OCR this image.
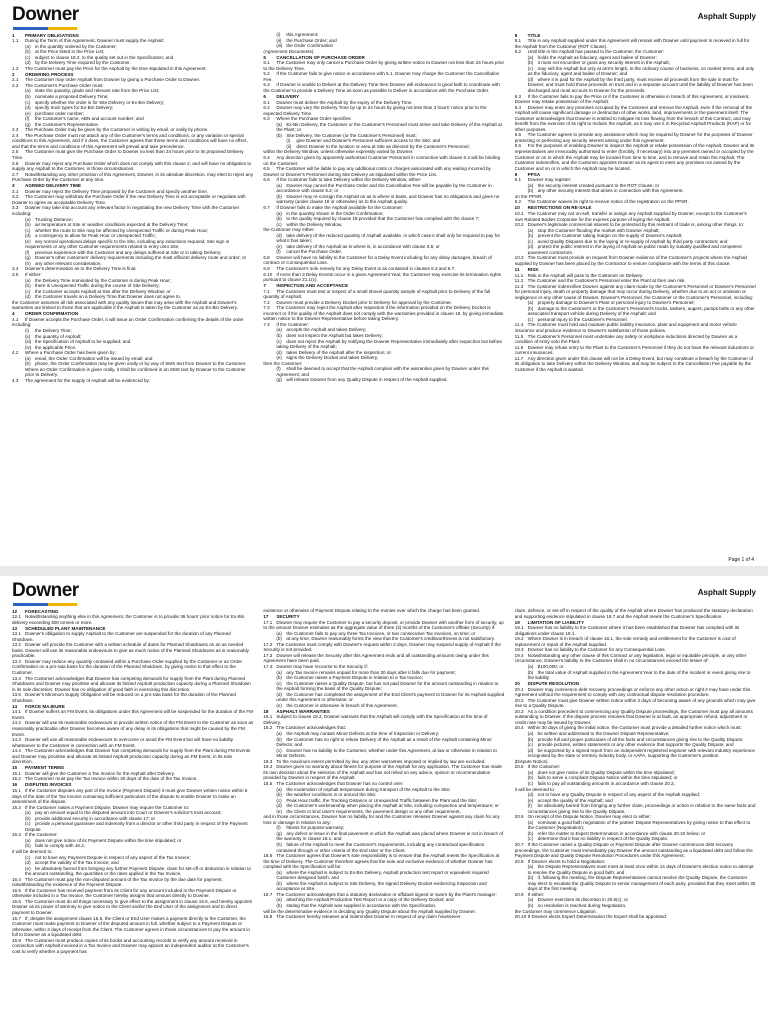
Downer	Asphalt Supply
1 PRIMARY OBLIGATIONS
1.1 During the Term of this Agreement, Downer must supply the Asphalt:
(a) in the quantity ordered by the Customer;
(b) at the Price listed in the Price List;
(c) subject to clause 18.2, to the quality set out in the Specification; and
(d) by the Delivery Time required by the Customer.
1.2 The Customer must pay the Price for the Asphalt by the time stipulated in this Agreement.
2 ORDERING PROCESS
2.1 The Customer may order Asphalt from Downer by giving a Purchase Order to Downer.
2.2 The Customer's Purchase Order must:
(a) state the quantity, grade and relevant rate from the Price List;
(b) nominate a proposed Delivery Time;
(c) specify whether the order is for Site Delivery or Ex-Bin Delivery;
(d) specify truck types for Ex-Bin Delivery;
(e) purchase order number;
(f) the Customer's name, ABN and account number; and
(g) the Customer's Representative.
2.3 The Purchase Order may be given by the Customer in writing by email, or orally by phone.
2.4 The Purchase Order must not attach any of the Customer's terms and conditions, or any variation or special conditions to this Agreement, and if it does, the Customer agrees that those terms and conditions will have no effect, and that the terms and conditions of this Agreement will prevail and take precedence.
2.5 The Customer must give the Purchase Order to Downer no less than 24 hours prior to its proposed Delivery Time.
2.6 Downer may reject any Purchase Order which does not comply with this clause 2, and will have no obligation to supply any Asphalt to the Customer, in those circumstances.
2.7 Notwithstanding any other provision of this Agreement, Downer, in its absolute discretion, may elect to reject any Purchase Order by the Customer at any time.
3 AGREED DELIVERY TIME
3.1 Downer may reject the Delivery Time proposed by the Customer and specify another time.
3.2 The Customer may withdraw the Purchase Order if the new Delivery Time is not acceptable or negotiate with Downer to agree an acceptable Delivery Time.
3.3 Downer may take into account any relevant factor in negotiating the new Delivery Time with the Customer including:
(a) Trucking Distance;
(b) air temperature at Site or weather conditions expected at the Delivery Time;
(c) whether the route to Site may be affected by Unexpected Traffic or during Peak Hour;
(d) a contingency to allow for Peak Hour or Unexpected Traffic;
(e) any normal operational delays specific to the Site, including any inductions required, Site sign in requirements or any other Customer requirements related to entry onto Site;
(f) previous experience with the Customer and any delays suffered at Site or in taking Delivery;
(g) Downer's other customers' delivery requirements including the most efficient delivery route and order; or
(h) any other relevant consideration.
3.4 Downer's determination as to the Delivery Time is final.
3.5 If either:
(a) the Delivery Time nominated by the Customer is during Peak Hour;
(b) there is Unexpected Traffic during the course of Site Delivery;
(c) the Customer accepts Asphalt at Site after the Delivery Window; or
(d) the Customer travels on a Delivery Time that Downer does not agree to,
the Customer assumes all risk associated with any quality issues that may arise with the Asphalt and Downer's warranties are limited to those that are applicable if the Asphalt is taken by the Customer as an Ex-Bin Delivery.
4 ORDER CONFIRMATION
4.1 If Downer accepts the Purchase Order, it will issue an Order Confirmation confirming the details of the order including:
(i) the Delivery Time;
(ii) the quantity of Asphalt;
(iii) the Specification of Asphalt to be supplied; and
(iv) the applicable Price.
4.2 Where a Purchase Order has been given by:
(a) email, the Order Confirmation will be issued by email; and
(b) phone, the Order Confirmation may be given orally or by way of SMS text from Downer to the Customer. Where an Order Confirmation is given orally, it shall be confirmed in an SMS text by Downer to the Customer prior to Delivery.
4.3 The agreement for the supply of Asphalt will be evidenced by:
(i) this Agreement;
(ii) the Purchase Order; and
(iii) the Order Confirmation
(Agreement Documents).
5 CANCELLATION OF PURCHASE ORDER
5.1 The Customer may only cancel a Purchase Order by giving written notice to Downer not less than 24 hours prior to the Delivery Time.
5.2 If the Customer fails to give notice in accordance with 5.1, Downer may charge the Customer the Cancellation Fee.
5.3 If Downer is unable to Deliver at the Delivery Time then Downer will endeavour in good faith to coordinate with the Customer to provide a Delivery Time as soon as possible to Deliver in accordance with the Purchase Order.
6 DELIVERY
6.1 Downer must deliver the Asphalt by the expiry of the Delivery Time.
6.2 Downer may vary the Delivery Time by up to 24 hours by giving not less than 3 hours' notice prior to the expected Delivery Time.
6.3 Where the Purchase Order specifies:
(a) Ex-Bin Delivery, the Customer or the Customer's Personnel must arrive and take Delivery of the Asphalt at the Plant; or
(b) Site Delivery, the Customer (or the Customer's Personnel) must:
(i) give Downer and Downer's Personnel sufficient access to the Site; and
(ii) direct Downer to the location or area at Site as directed by the Customer's Personnel;
within the Delivery Window, unless otherwise expressly varied by Downer.
6.4 Any direction given by apparently authorised Customer Personnel in connection with clause 6.3 will be binding on the Customer.
6.5 The Customer will be liable to pay any additional costs or charges associated with any waiting incurred by Downer or Downer's Personnel during Site Delivery as stipulated within the Price List.
6.6 If the Customer fails to take Delivery within the Delivery Window, either:
(a) Downer may cancel the Purchase Order and the Cancellation Fee will be payable by the Customer in accordance with clause 5.2; or
(b) Downer may re-consign the Asphalt on as is where is basis, and Downer has no obligations and gives no warranty (under clause 18 or otherwise) as to the Asphalt quality.
6.7 If Downer fails to make the Asphalt available for the Customer:
(a) in the quantity shown in the Order Confirmation;
(b) to the quality required by clause 18 provided that the Customer has complied with the clause 7;
(c) within the Delivery Window,
the Customer may either:
(d) take delivery of the reduced quantity of Asphalt available, in which case it shall only be required to pay for what it has taken;
(e) take delivery of the Asphalt as is where is, in accordance with clause 3.5; or
(f) cancel the Purchase Order.
6.8 Downer will have no liability to the Customer for a Delay Event including for any delay damages, breach of contract or Consequential Loss.
6.9 The Customer's sole remedy for any Delay Event is as contained in clauses 6.3 and 6.7.
6.10 If more than 3 Delay Events occur in a given Agreement Year, the Customer may exercise its termination rights pursuant to clause 21.1(c).
7 INSPECTION AND ACCEPTANCE
7.1 The Customer must test or inspect of a small shovel quantity sample of Asphalt prior to Delivery of the full quantity of Asphalt.
7.2 Downer must provide a Delivery Docket prior to Delivery for approval by the Customer.
7.3 The Customer may reject the Asphalt after inspection if the information provided on the Delivery Docket is incorrect or if the quality of the Asphalt does not comply with the warranties provided in clause 18, by giving immediate written notice to the Downer Representative before taking Delivery.
7.4 If the Customer:
(a) accepts the Asphalt and takes Delivery;
(b) does not inspect the Asphalt but takes Delivery;
(c) does not reject the Asphalt by notifying the Downer Representative immediately after inspection but before taking Delivery of the Asphalt;
(d) takes Delivery of the Asphalt after the inspection; or
(e) signs the Delivery Docket and takes Delivery,
then the Customer:
(f) shall be deemed to accept that the Asphalt complies with the warranties given by Downer under this Agreement; and
(g) will release Downer from any Quality Dispute in respect of the Asphalt supplied.
8 TITLE
8.1 Title in any Asphalt supplied under this Agreement will remain with Downer until payment is received in full for the Asphalt from the Customer (ROT Clause).
8.2 Until title in the Asphalt has passed to the Customer, the Customer:
(a) holds the Asphalt as fiduciary, agent and bailee of Downer;
(b) it must not encumber or grant any security interest in the Asphalt;
(c) may sell the Asphalt but only at arm's length, in the ordinary course of business, on market terms, and only as the fiduciary, agent and bailee of Downer; and
(d) where it is paid for the Asphalt by the third party, must receive all proceeds from the sale in trust for Downer, and must hold those proceeds on trust and in a separate account until the liability of Downer has been discharged and must account to Downer for the proceeds.
8.3 If the Customer fails to pay the Price or if the Customer is otherwise in breach of this Agreement, or insolvent, Downer may retake possession of the Asphalt.
8.4 Downer may enter any premises occupied by the Customer and remove the Asphalt, even if the removal of the Asphalt will cause significant damage or destruction of other works, land, improvements or the pavement itself. The Customer acknowledges that Downer is entitled to mitigate its loss flowing from the breach of this Contract, and may benefit from the exercise of its right to reclaim the Asphalt, as it may use it in Recycled Asphalt Products (RAP) or for other purposes.
8.5 The Customer agrees to provide any assistance which may be required by Downer for the purposes of Downer protecting or perfecting any security interest arising under this Agreement.
8.6 For the purposes of enabling Downer to inspect the Asphalt or retake possession of the Asphalt, Downer and its representatives are irrevocably authorised to enter (forcibly, if necessary) into any premises owned or occupied by the Customer or on to which the Asphalt may be located from time to time, and to remove and retain the Asphalt. The Customer indemnifies, and the Customer appoints Downer as its agent to enter any premises not owned by the Customer and on or in which the Asphalt may be located.
9 PPSA
9.1 Downer may register:
(a) the security interest created pursuant to the ROT Clause; or
(b) any other security interest that arises in connection with this Agreement,
on the PPSR.
9.2 The Customer waives its right to receive notice of the registration on the PPSR.
10 RESTRICTIONS ON RE-SALE
10.1 The Customer may not on-sell, transfer or assign any Asphalt supplied by Downer, except to the Customer's own Related Bodies Corporate for the express purpose of laying the Asphalt.
10.2 Downer's legitimate commercial interest to be protected by this restraint of trade is, among other things, to:
(a) stop the Customer flooding the market with Downer Asphalt;
(b) prevent the Customer taking margin on the supply of Downer's Asphalt;
(c) avoid Quality Disputes due to the laying or re-supply of Asphalt by third party contractors; and
(d) protect the public interest in the laying of Asphalt on public roads by suitably qualified and competent pavement contractors.
10.3 The Customer must provide on request from Downer evidence of the Customer's projects where the Asphalt supplied by Downer has been placed by the Contractor to ensure compliance with the terms of this clause.
11 RISK
11.1 Risk in the Asphalt will pass to the Customer on Delivery.
11.2 The Customer and the Customer's Personnel enter the Plant at their own risk.
11.3 The Customer indemnifies Downer against any claim made by the Customer's Personnel or Downer's Personnel for personal injury, death or property damage that may occur during Delivery, whether due to an act or omission or negligence or any other cause of Downer, Downer's Personnel, the Customer or the Customer's Personnel, including:
(a) property damage to Downer's Plant or personal injury to Downer's Personnel;
(b) damage to the Customer's or the Customer's Personnel's trucks, tankers, augers, pumps belts or any other associated transport vehicle during Delivery of the Asphalt; and
(c) personal injury to the Customer's Personnel.
11.4 The Customer must hold and maintain public liability insurance, plant and equipment and motor vehicle insurance and produce evidence to Downer's satisfaction of those policies.
11.5 The Customer's Personnel must undertake any safety or workplace inductions directed by Downer as a condition of entry onto the Plant.
11.6 Downer may refuse entry to the Plant to the Customer's Personnel if they do not have the relevant inductions or current insurances.
11.7 Any direction given under this clause will not be a Delay Event, but may constitute a breach by the Customer of its obligation to take Delivery within the Delivery Window, and may be subject to the Cancellation Fee payable by the Customer if the Asphalt is wasted.
Page 1 of 4
Downer	Asphalt Supply
12 FORECASTING
12.1 Notwithstanding anything else in this Agreement, the Customer is to provide 36 hours' prior notice for Ex-Bin delivery exceeding 500 tonnes or more.
13 SCHEDULED PLANT MAINTENANCE
13.1 Downer's obligation to supply Asphalt to the Customer are suspended for the duration of any Planned Shutdown.
13.2 Downer will provide the Customer with a written schedule of dates for Planned Shutdowns on an as needed basis. Downer will use its reasonable endeavours to give as much notice of the Planned Shutdowns as is reasonably practicable.
13.3 Downer may reduce any quantity contained within a Purchase Order supplied by the Customer or an Order Confirmation on a pro-rata basis for the duration of the Planned Shutdown, by giving notice to that effect to the Customer.
13.4 The Customer acknowledges that Downer has competing demands for supply from the Plant during Planned Shutdowns and Downer may prioritise and allocate its limited Asphalt production capacity during a Planned Shutdown in its sole discretion. Downer has no obligation of good faith in exercising this discretion.
13.5 Downer's Minimum Supply Obligation will be reduced on a pro-rata basis for the duration of the Planned Shutdown.
14 FORCE MAJEURE
14.1 If Downer suffers an FM Event, its obligations under this Agreement will be suspended for the duration of the FM Event.
14.2 Downer will use its reasonable endeavours to provide written notice of the FM Event to the Customer as soon as reasonably practicable after Downer becomes aware of any delay in its obligations that might be caused by the FM Event.
14.3 Downer will use all reasonable endeavours to overcome or avoid the FM Event but will have no liability whatsoever to the Customer in connection with an FM Event.
14.4 The Customer acknowledges that Downer has competing demands for supply from the Plant during FM Events and Downer may prioritise and allocate its limited Asphalt production capacity during an FM Event, in its sole discretion.
15 PAYMENT TERMS
15.1 Downer will give the Customer a Tax Invoice for the Asphalt after Delivery.
15.2 The Customer must pay the Tax Invoice within 30 days of the date of the Tax Invoice.
16 DISPUTED INVOICES
16.1 If the Customer disputes any part of the Invoice (Payment Dispute) it must give Downer written notice within 5 days of the date of the Tax Invoice containing sufficient particulars of the dispute to enable Downer to make an assessment of the dispute.
16.2 If the Customer raises a Payment Dispute, Downer may require the Customer to:
(a) pay an amount equal to the disputed amount into Court or Downer's solicitor's trust account;
(b) provide additional security in accordance with clause 17; or
(c) provide a personal guarantee and indemnity from a director or other third party in respect of the Payment Dispute.
16.3 If the Customer:
(a) does not give notice of its Payment Dispute within the time stipulated; or
(b) fails to comply with 16.2,
it will be deemed to:
(c) not to have any Payment Dispute in respect of any aspect of the Tax Invoice;
(d) accept the validity of the Tax Invoice; and
(e) be absolutely barred from bringing any further Payment Dispute, claim for set-off or deduction in relation to the amount outstanding, the quantities or the rates applied in the Tax Invoice.
16.4 The Customer must pay the non-disputed amount of the Tax Invoice by the due date for payment, notwithstanding the existence of the Payment Dispute.
16.5 If the Customer has received payment from its Client for any amount included in the Payment Dispute or otherwise included in a Tax Invoice, the Customer hereby assigns that amount directly to Downer.
16.6 The Customer must do all things necessary to give effect to the assignment in clause 16.5, and hereby appoints Downer as its power of attorney to give notice to the Client and/or the End User of the assignment and to direct payment to Downer.
16.7 If, despite the assignment clause 16.5, the Client or End User makes a payment directly to the Customer, the Customer must make payment to Downer of the disputed amount in full, whether subject to a Payment Dispute or otherwise, within 3 days of receipt from the Client. The Customer agrees in those circumstances to pay the amount in full to Downer as a liquidated debt.
16.8 The Customer must produce copies of its books and accounting records to verify any amount received in connection with Asphalt invoiced in a Tax Invoice and Downer may appoint an independent auditor at the Customer's cost to verify whether a payment has
existence or otherwise of Payment Dispute relating to the monies over which the charge has been granted.
17 SECURITY
17.1 Downer may require the Customer to pay a security deposit, or provide Downer with another form of security, up to the amount Downer estimates as the aggregate value of three (3) months of the Customer's offtake (Security) if:
(a) the Customer fails to pay any three Tax Invoices, or two consecutive Tax Invoices, on time; or
(b) at any time, Downer reasonably forms the view that the Customer's creditworthiness is not satisfactory.
17.2 The Customer must comply with Downer's request within 3 days. Downer may suspend supply of Asphalt if the Security is not provided.
17.3 Downer will release the Security after this Agreement ends and all outstanding amounts owing under this Agreement have been paid.
17.4 Downer may have recourse to the Security if:
(a) any Tax Invoice remains unpaid for more than 30 days after it falls due for payment;
(b) the Customer raises a Payment Dispute in relation to a Tax Invoice;
(c) the Customer raises a Quality Dispute, but has not paid Downer for the amount outstanding in relation to the Asphalt forming the basis of the Quality Dispute;
(d) the Customer has completed the assignment of the End Client's payment to Downer for its Asphalt supplied under this Agreement or otherwise; or
(e) the Customer is otherwise in breach of this Agreement.
18 ASPHALT WARRANTIES
18.1 Subject to clause 18.2, Downer warrants that the Asphalt will comply with the Specification at the time of Delivery.
18.2 The Customer acknowledges that:
(a) the Asphalt may contain Minor Defects at the time of Inspection or Delivery;
(b) the Customer has no right to refuse Delivery of the Asphalt as a result of the Asphalt containing Minor Defects; and
(c) Downer has no liability to the Customer, whether under this Agreement, at law or otherwise in relation to Minor Defects.
18.3 To the maximum extent permitted by law, any other warranties imposed or implied by law are excluded.
18.4 Downer gives no warranty about fitness for purpose of the Asphalt for any application. The Customer has made its own decision about the selection of the Asphalt and has not relied on any advice, opinion or recommendation provided by Downer in respect of the Asphalt.
18.5 The Customer acknowledges that Downer has no control over:
(a) the moderation of Asphalt temperature during transport of the Asphalt to the Site;
(b) the weather conditions in or around the Site;
(c) Peak Hour traffic, the Trucking Distance or Unexpected Traffic between the Plant and the Site;
(d) the Customer's workmanship when placing the Asphalt at Site, including compaction and temperature; or
(e) the Client or End User's requirements, the pavement design or any other requirement,
and in those circumstances, Downer has no liability for and the Customer releases Downer against any claim for any loss or damage in relation to any:
(f) fitness for purpose warranty;
(g) any defect or issue in the final pavement in which the Asphalt was placed where Downer is not in breach of the warranty in clause 18.1; and
(h) failure of the Asphalt to meet the Customer's requirements, including any contractual specification contained through or other criteria of the End User or the Client.
18.6 The Customer agrees that Downer's sole responsibility is to ensure that the Asphalt meets the Specification at the time of Delivery. The Customer therefore agrees that the sole and exclusive evidence of whether Downer has complied with the Specification will be:
(a) where the Asphalt is subject to Ex-Bin Delivery, Asphalt production test report or equivalent required Customer designed batch; and
(b) where the Asphalt is subject to Site Delivery, the signed Delivery Docket evidencing Inspection and acceptance at Site.
18.7 The Customer acknowledges that a statutory declaration or affidavit signed or sworn by the Plant's manager:
(a) attaching the Asphalt Production Test Report or a copy of the Delivery Docket; and
(b) stating that the Asphalt was supplied in accordance with the Specification,
will be the determinative evidence in deciding any Quality Dispute about the Asphalt supplied by Downer.
18.8 The Customer hereby releases and indemnifies Downer in respect of any claim howsoever
claim, defence, or set-off in respect of the quality of the Asphalt where Downer has produced the statutory declaration and supporting evidence stipulated in clause 18.7 and the Asphalt meets the Customer's Specification.
19 LIMITATION OF LIABILITY
19.1 Downer has no liability to the Customer where it has been established that Downer has complied with its obligations under clause 18.1.
19.2 Where Downer is in breach of clause 18.1, the sole remedy and entitlement for the Customer is cost of replacement or repair of the Asphalt supplied.
19.3 Downer has no liability to the Customer for any Consequential Loss.
19.4 Notwithstanding any other clause of this Contract or any legislation, legal or equitable principle, or any other circumstance, Downer's liability to the Customer shall in no circumstances exceed the lesser of:
(a) $100,000; or
(b) the total value of Asphalt supplied in the Agreement Year to the date of the incident or event giving rise to the liability.
20 DISPUTE RESOLUTION
20.1 Downer may commence debt recovery proceedings or enforce any other action or right it may have under this Agreement without the requirement to comply with any contractual dispute resolution procedure.
20.2 The Customer must give Downer written notice within 3 days of becoming aware of any grounds which may give rise to a Quality Dispute.
20.3 As a condition precedent to commencing any Quality Dispute proceedings, the Customer must pay all amounts outstanding to Downer. If the dispute process resolves that Downer is at fault, an appropriate refund, adjustment or credit note may be issued by Downer.
20.4 Within 30 days of giving the initial notice, the Customer must provide a detailed further notice which must:
(a) be written and addressed to the Downer Dispute Representative;
(b) provide full and proper particulars of all the facts and circumstances giving rise to the Quality Dispute;
(c) provide pictures, written statements or any other evidence that supports the Quality Dispute; and
(d) be supported by a signed report from an independent registered engineer with relevant industry experience recognised by the state or territory industry body, or AAPA, supporting the Customer's position.
(Dispute Notice).
20.5 If the Customer:
(a) does not give notice of its Quality Dispute within the time stipulated;
(b) fails to serve a compliant Dispute Notice within the time stipulated; or
(c) fails to pay all outstanding amounts in accordance with clause 20.3,
it will be deemed to:
(d) not to have any Quality Dispute in respect of any aspect of the Asphalt supplied;
(e) accept the quality of the Asphalt; and
(f) be absolutely barred from bringing any further claim, proceedings or action in relation to the same facts and circumstances giving rise to the Quality Dispute.
20.6 On receipt of the Dispute Notice, Downer may elect to either:
(a) nominate a good faith negotiation of the parties' Dispute Representatives by giving notice to that effect to the Customer (Negotiation);
(b) refer the matter to Expert Determination in accordance with clause 20.10 below; or
(c) determine that it has no liability in respect of the Quality Dispute.
20.7 If the Customer raises a Quality Dispute or Payment Dispute after Downer commences debt recovery proceedings, the Customer must immediately pay Downer the amount outstanding as a liquidated debt and follow the Payment Dispute and Quality Dispute Resolution Procedures under this Agreement.
20.8 If Downer elects to hold a Negotiation:
(a) the Dispute Representatives must meet at least once within 14 days of Downer's election notice to attempt to resolve the Quality Dispute in good faith; and
(b) if, following the meeting, the Dispute Representatives cannot resolve the Quality Dispute, the Customer may elect to escalate the Quality Dispute to senior management of each party, provided that they meet within 30 days of the first meeting.
20.9 If either:
(a) Downer exercises its discretion in 20.6(c); or
(b) no resolution is reached during Negotiation,
the Customer may commence Litigation.
20.10 If Downer elects Expert Determination the Expert shall be appointed:
